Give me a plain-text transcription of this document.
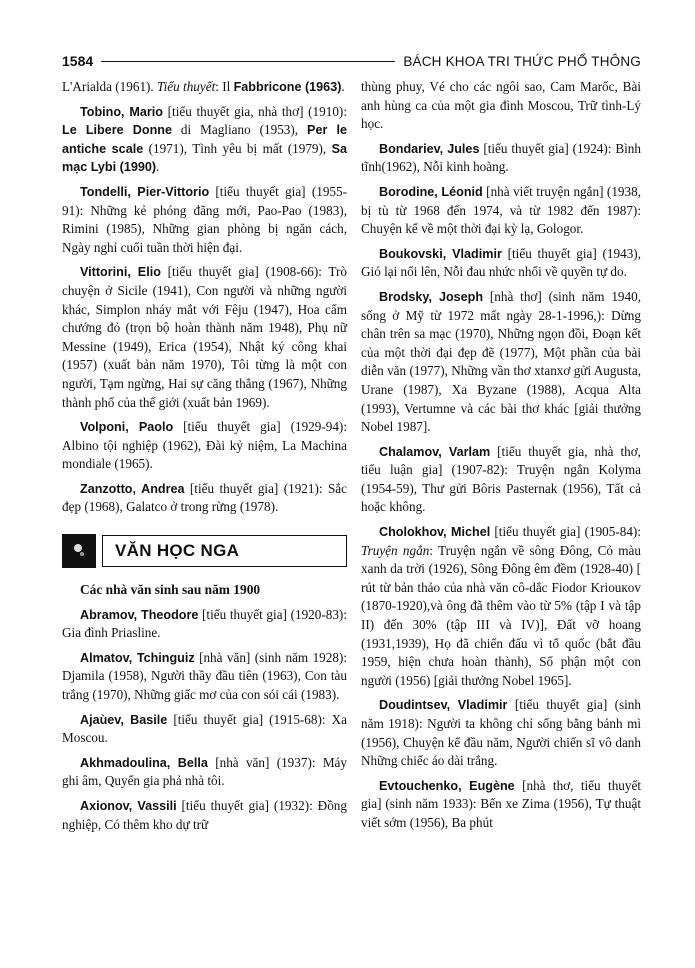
1584	BÁCH KHOA TRI THỨC PHỔ THÔNG

L'Arialda (1961). Tiểu thuyết: Il Fabbricone (1963).

Tobino, Mario [tiểu thuyết gia, nhà thơ] (1910): Le Libere Donne di Magliano (1953), Per le antiche scale (1971), Tình yêu bị mất (1979), Sa mạc Lybi (1990).

Tondelli, Pier-Vittorio [tiểu thuyết gia] (1955-91): Những kẻ phóng đãng mới, Pao-Pao (1983), Rimini (1985), Những gian phòng bị ngăn cách, Ngày nghỉ cuối tuần thời hiện đại.

Vittorini, Elio [tiểu thuyết gia] (1908-66): Trò chuyện ở Sicile (1941), Con người và những người khác, Simplon nháy mắt với Fêju (1947), Hoa cẩm chướng đỏ (trọn bộ hoàn thành năm 1948), Phụ nữ Messine (1949), Erica (1954), Nhật ký công khai (1957) (xuất bản năm 1970), Tôi từng là một con người, Tạm ngừng, Hai sự căng thẳng (1967), Những thành phố của thế giới (xuất bản 1969).

Volponi, Paolo [tiểu thuyết gia] (1929-94): Albino tội nghiệp (1962), Đài kỷ niệm, La Machina mondiale (1965).

Zanzotto, Andrea [tiểu thuyết gia] (1921): Sắc đẹp (1968), Galatco ở trong rừng (1978).

VĂN HỌC NGA
Các nhà văn sinh sau năm 1900

Abramov, Theodore [tiểu thuyết gia] (1920-83): Gia đình Priasline.

Almatov, Tchinguiz [nhà văn] (sinh năm 1928): Djamila (1958), Người thầy đầu tiên (1963), Con tàu trắng (1970), Những giấc mơ của con sói cái (1983).

Ajaùev, Basile [tiểu thuyết gia] (1915-68): Xa Moscou.

Akhmadoulina, Bella [nhà văn] (1937): Máy ghi âm, Quyển gia phả nhà tôi.

Axionov, Vassili [tiểu thuyết gia] (1932): Đồng nghiệp, Có thêm kho dự trữ

thùng phuy, Vé cho các ngôi sao, Cam Marốc, Bài anh hùng ca của một gia đình Moscou, Trữ tình-Lý học.

Bondariev, Jules [tiểu thuyết gia] (1924): Bình tĩnh(1962), Nỗi kinh hoàng.

Borodine, Léonid [nhà viết truyện ngắn] (1938, bị tù từ 1968 đến 1974, và từ 1982 đến 1987): Chuyện kể về một thời đại kỳ lạ, Gologor.

Boukovski, Vladimir [tiểu thuyết gia] (1943), Gió lại nổi lên, Nỗi đau nhức nhối về quyền tự do.

Brodsky, Joseph [nhà thơ] (sinh năm 1940, sống ở Mỹ từ 1972 mất ngày 28-1-1996,): Dừng chân trên sa mạc (1970), Những ngọn đồi, Đoạn kết của một thời đại đẹp đẽ (1977), Một phần của bài diễn văn (1977), Những vần thơ xtanxơ gửi Augusta, Urane (1987), Xa Byzane (1988), Acqua Alta (1993), Vertumne và các bài thơ khác [giải thưởng Nobel 1987].

Chalamov, Varlam [tiểu thuyết gia, nhà thơ, tiểu luận gia] (1907-82): Truyện ngắn Kolyma (1954-59), Thư gửi Bôris Pasternak (1956), Tất cả hoặc không.

Cholokhov, Michel [tiểu thuyết gia] (1905-84): Truyện ngắn: Truyện ngắn về sông Đông, Cỏ màu xanh da trời (1926), Sông Đông êm đềm (1928-40) [ rút từ bản thảo của nhà văn cô-dắc Fiodor Kriouкov (1870-1920),và ông đã thêm vào từ 5% (tập I và tập II) đến 30% (tập III và IV)], Đất vỡ hoang (1931,1939), Họ đã chiến đấu vì tổ quốc (bắt đầu 1959, hiện chưa hoàn thành), Số phận một con người (1956) [giải thưởng Nobel 1965].

Doudintsev, Vladimir [tiểu thuyết gia] (sinh năm 1918): Người ta không chỉ sống bằng bánh mì (1956), Chuyện kể đầu năm, Người chiến sĩ vô danh Những chiếc áo dài trắng.

Evtouchenko, Eugène [nhà thơ, tiểu thuyết gia] (sinh năm 1933): Bến xe Zima (1956), Tự thuật viết sớm (1956), Ba phút
